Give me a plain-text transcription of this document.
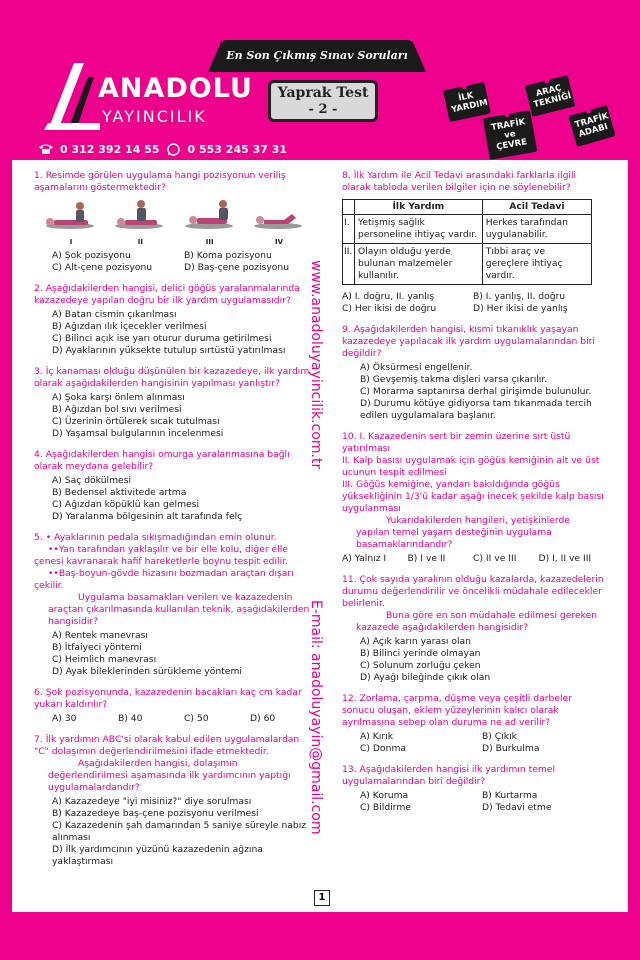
ANADOLU
YAYINCILIK
0 312 392 14 55	0 553 245 37 31
En Son Çıkmış Sınav Soruları
Yaprak Test
- 2 -
İLK YARDIM
TRAFİK ve ÇEVRE
ARAÇ TEKNİĞİ
TRAFİK ADABI
1. Resimde görülen uygulama hangi pozisyonun veriliş aşamalarını göstermektedir?
I	II	III	IV
A) Şok pozisyonu	B) Koma pozisyonu
C) Alt-çene pozisyonu	D) Baş-çene pozisyonu
2. Aşağıdakilerden hangisi, delici göğüs yaralanmalarında kazazedeye yapılan doğru bir ilk yardım uygulamasıdır?
A) Batan cismin çıkarılması
B) Ağızdan ılık içecekler verilmesi
C) Bilinci açık ise yarı oturur duruma getirilmesi
D) Ayaklarının yüksekte tutulup sırtüstü yatırılması
3. İç kanaması olduğu düşünülen bir kazazedeye, ilk yardım olarak aşağıdakilerden hangisinin yapılması yanlıştır?
A) Şoka karşı önlem alınması
B) Ağızdan bol sıvı verilmesi
C) Üzerinin örtülerek sıcak tutulması
D) Yaşamsal bulgularının incelenmesi
4. Aşağıdakilerden hangisi omurga yaralanmasına bağlı olarak meydana gelebilir?
A) Saç dökülmesi
B) Bedensel aktivitede artma
C) Ağızdan köpüklü kan gelmesi
D) Yaralanma bölgesinin alt tarafında felç
5. • Ayaklarının pedala sıkışmadığından emin olunur.
••Yan tarafından yaklaşılır ve bir elle kolu, diğer elle çenesi kavranarak hafif hareketlerle boynu tespit edilir.
••Baş-boyun-gövde hizasını bozmadan araçtan dışarı çekilir.
Uygulama basamakları verilen ve kazazedenin araçtan çıkarılmasında kullanılan teknik, aşağıdakilerden hangisidir?
A) Rentek manevrası
B) İtfaiyeci yöntemi
C) Heimlich manevrası
D) Ayak bileklerinden sürükleme yöntemi
6. Şok pozisyonunda, kazazedenin bacakları kaç cm kadar yukarı kaldırılır?
A) 30	B) 40	C) 50	D) 60
7. İlk yardımın ABC'si olarak kabul edilen uygulamalardan "C" dolaşımın değerlendirilmesini ifade etmektedir.
Aşağıdakilerden hangisi, dolaşımın değerlendirilmesi aşamasında ilk yardımcının yaptığı uygulamalardandır?
A) Kazazedeye "iyi misiniz?" diye sorulması
B) Kazazedeye baş-çene pozisyonu verilmesi
C) Kazazedenin şah damarından 5 saniye süreyle nabız alınması
D) İlk yardımcının yüzünü kazazedenin ağzına yaklaştırması
www.anadoluyayincilik.com.tr
E-mail: anadoluyayin@gmail.com
1
8. İlk Yardım ile Acil Tedavi arasındaki farklarla ilgili olarak tabloda verilen bilgiler için ne söylenebilir?
	İlk Yardım	Acil Tedavi
I.	Yetişmiş sağlık personeline ihtiyaç vardır.	Herkes tarafından uygulanabilir.
II.	Olayın olduğu yerde bulunan malzemeler kullanılır.	Tıbbi araç ve gereçlere ihtiyaç vardır.
A) I. doğru, II. yanlış	B) I. yanlış, II. doğru
C) Her ikisi de doğru	D) Her ikisi de yanlış
9. Aşağıdakilerden hangisi, kısmi tıkanıklık yaşayan kazazedeye yapılacak ilk yardım uygulamalarından biri değildir?
A) Öksürmesi engellenir.
B) Gevşemiş takma dişleri varsa çıkarılır.
C) Morarma saptanırsa derhal girişimde bulunulur.
D) Durumu kötüye gidiyorsa tam tıkanmada tercih edilen uygulamalara başlanır.
10. I. Kazazedenin sert bir zemin üzerine sırt üstü yatırılması
II. Kalp basısı uygulamak için göğüs kemiğinin alt ve üst ucunun tespit edilmesi
III. Göğüs kemiğine, yandan bakıldığında göğüs yüksekliğinin 1/3'ü kadar aşağı inecek şekilde kalp basısı uygulanması
Yukarıdakilerden hangileri, yetişkinlerde yapılan temel yaşam desteğinin uygulama basamaklarındandır?
A) Yalnız I	B) I ve II	C) II ve III	D) I, II ve III
11. Çok sayıda yaralının olduğu kazalarda, kazazedelerin durumu değerlendirilir ve öncelikli müdahale edilecekler belirlenir.
Buna göre en son müdahale edilmesi gereken kazazede aşağıdakilerden hangisidir?
A) Açık karın yarası olan
B) Bilinci yerinde olmayan
C) Solunum zorluğu çeken
D) Ayağı bileğinde çıkık olan
12. Zorlama, çarpma, düşme veya çeşitli darbeler sonucu oluşan, eklem yüzeylerinin kalıcı olarak ayrılmasına sebep olan duruma ne ad verilir?
A) Kırık	B) Çıkık
C) Donma	D) Burkulma
13. Aşağıdakilerden hangisi ilk yardımın temel uygulamalarından biri değildir?
A) Koruma	B) Kurtarma
C) Bildirme	D) Tedavi etme
